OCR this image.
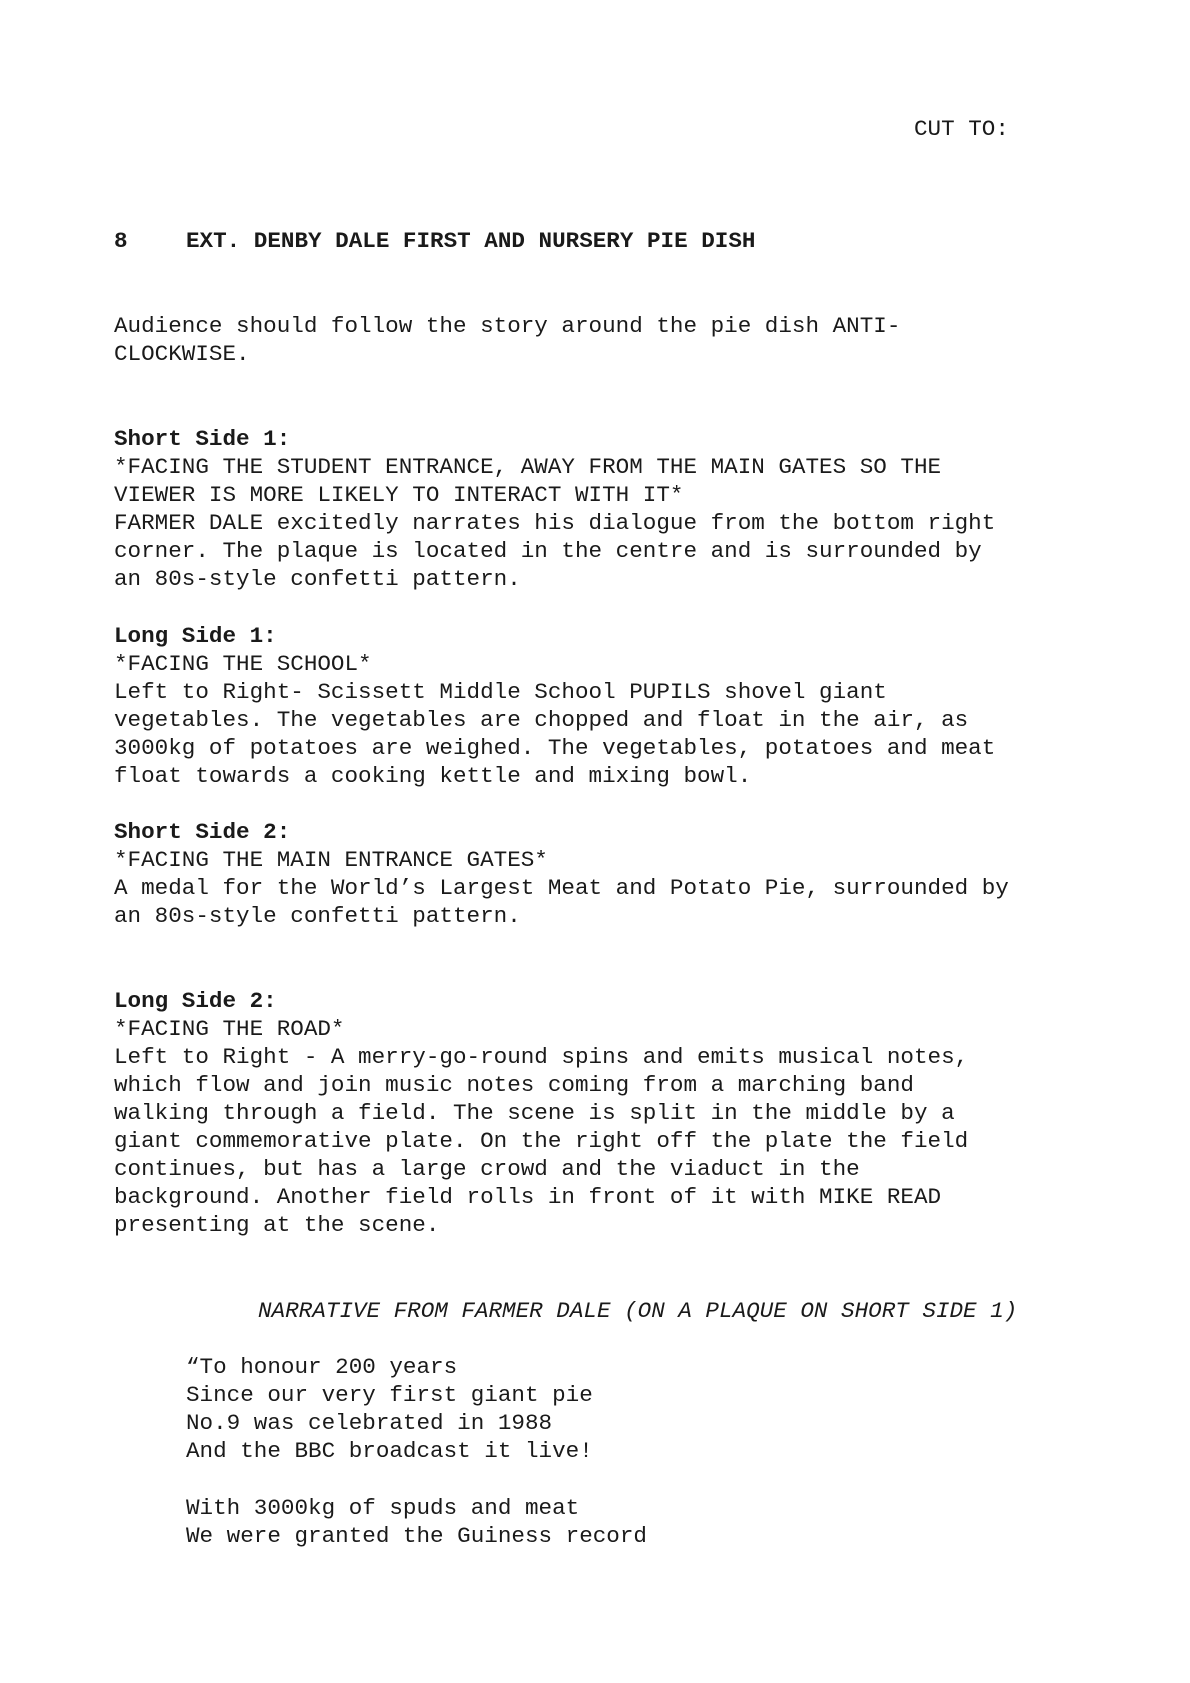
CUT TO:
8	EXT. DENBY DALE FIRST AND NURSERY PIE DISH
Audience should follow the story around the pie dish ANTI-
CLOCKWISE.
Short Side 1:
*FACING THE STUDENT ENTRANCE, AWAY FROM THE MAIN GATES SO THE
VIEWER IS MORE LIKELY TO INTERACT WITH IT*
FARMER DALE excitedly narrates his dialogue from the bottom right
corner. The plaque is located in the centre and is surrounded by
an 80s-style confetti pattern.
Long Side 1:
*FACING THE SCHOOL*
Left to Right- Scissett Middle School PUPILS shovel giant
vegetables. The vegetables are chopped and float in the air, as
3000kg of potatoes are weighed. The vegetables, potatoes and meat
float towards a cooking kettle and mixing bowl.
Short Side 2:
*FACING THE MAIN ENTRANCE GATES*
A medal for the World’s Largest Meat and Potato Pie, surrounded by
an 80s-style confetti pattern.
Long Side 2:
*FACING THE ROAD*
Left to Right - A merry-go-round spins and emits musical notes,
which flow and join music notes coming from a marching band
walking through a field. The scene is split in the middle by a
giant commemorative plate. On the right off the plate the field
continues, but has a large crowd and the viaduct in the
background. Another field rolls in front of it with MIKE READ
presenting at the scene.
NARRATIVE FROM FARMER DALE (ON A PLAQUE ON SHORT SIDE 1)
“To honour 200 years
Since our very first giant pie
No.9 was celebrated in 1988
And the BBC broadcast it live!
With 3000kg of spuds and meat
We were granted the Guiness record
